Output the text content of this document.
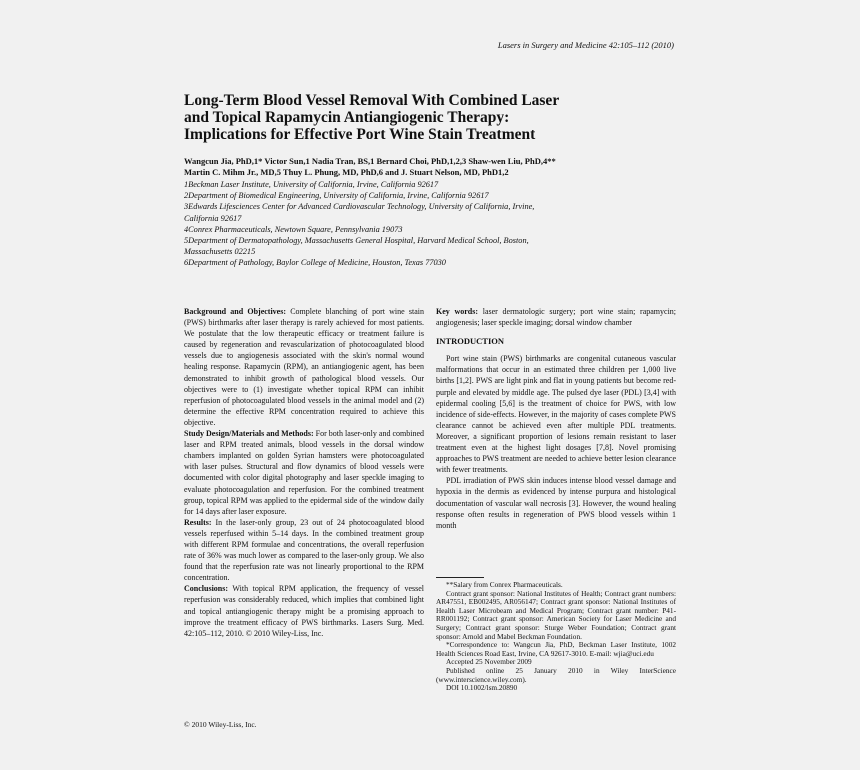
Lasers in Surgery and Medicine 42:105–112 (2010)
Long-Term Blood Vessel Removal With Combined Laser
and Topical Rapamycin Antiangiogenic Therapy:
Implications for Effective Port Wine Stain Treatment
Wangcun Jia, PhD,1* Victor Sun,1 Nadia Tran, BS,1 Bernard Choi, PhD,1,2,3 Shaw-wen Liu, PhD,4**
Martin C. Mihm Jr., MD,5 Thuy L. Phung, MD, PhD,6 and J. Stuart Nelson, MD, PhD1,2
1Beckman Laser Institute, University of California, Irvine, California 92617
2Department of Biomedical Engineering, University of California, Irvine, California 92617
3Edwards Lifesciences Center for Advanced Cardiovascular Technology, University of California, Irvine,
California 92617
4Conrex Pharmaceuticals, Newtown Square, Pennsylvania 19073
5Department of Dermatopathology, Massachusetts General Hospital, Harvard Medical School, Boston,
Massachusetts 02215
6Department of Pathology, Baylor College of Medicine, Houston, Texas 77030

Background and Objectives: Complete blanching of port wine stain (PWS) birthmarks after laser therapy is rarely achieved for most patients. We postulate that the low therapeutic efficacy or treatment failure is caused by regeneration and revascularization of photocoagulated blood vessels due to angiogenesis associated with the skin's normal wound healing response. Rapamycin (RPM), an antiangiogenic agent, has been demonstrated to inhibit growth of pathological blood vessels. Our objectives were to (1) investigate whether topical RPM can inhibit reperfusion of photocoagulated blood vessels in the animal model and (2) determine the effective RPM concentration required to achieve this objective.

Study Design/Materials and Methods: For both laser-only and combined laser and RPM treated animals, blood vessels in the dorsal window chambers implanted on golden Syrian hamsters were photocoagulated with laser pulses. Structural and flow dynamics of blood vessels were documented with color digital photography and laser speckle imaging to evaluate photocoagulation and reperfusion. For the combined treatment group, topical RPM was applied to the epidermal side of the window daily for 14 days after laser exposure.

Results: In the laser-only group, 23 out of 24 photocoagulated blood vessels reperfused within 5–14 days. In the combined treatment group with different RPM formulae and concentrations, the overall reperfusion rate of 36% was much lower as compared to the laser-only group. We also found that the reperfusion rate was not linearly proportional to the RPM concentration.

Conclusions: With topical RPM application, the frequency of vessel reperfusion was considerably reduced, which implies that combined light and topical antiangiogenic therapy might be a promising approach to improve the treatment efficacy of PWS birthmarks. Lasers Surg. Med. 42:105–112, 2010. © 2010 Wiley-Liss, Inc.

Key words: laser dermatologic surgery; port wine stain; rapamycin; angiogenesis; laser speckle imaging; dorsal window chamber

INTRODUCTION

Port wine stain (PWS) birthmarks are congenital cutaneous vascular malformations that occur in an estimated three children per 1,000 live births [1,2]. PWS are light pink and flat in young patients but become red-purple and elevated by middle age. The pulsed dye laser (PDL) [3,4] with epidermal cooling [5,6] is the treatment of choice for PWS, with low incidence of side-effects. However, in the majority of cases complete PWS clearance cannot be achieved even after multiple PDL treatments. Moreover, a significant proportion of lesions remain resistant to laser treatment even at the highest light dosages [7,8]. Novel promising approaches to PWS treatment are needed to achieve better lesion clearance with fewer treatments.

PDL irradiation of PWS skin induces intense blood vessel damage and hypoxia in the dermis as evidenced by intense purpura and histological documentation of vascular wall necrosis [3]. However, the wound healing response often results in regeneration of PWS blood vessels within 1 month

**Salary from Conrex Pharmaceuticals.

Contract grant sponsor: National Institutes of Health; Contract grant numbers: AR47551, EB002495, AR056147; Contract grant sponsor: National Institutes of Health Laser Microbeam and Medical Program; Contract grant number: P41-RR001192; Contract grant sponsor: American Society for Laser Medicine and Surgery; Contract grant sponsor: Sturge Weber Foundation; Contract grant sponsor: Arnold and Mabel Beckman Foundation.

*Correspondence to: Wangcun Jia, PhD, Beckman Laser Institute, 1002 Health Sciences Road East, Irvine, CA 92617-3010. E-mail: wjia@uci.edu

Accepted 25 November 2009

Published online 25 January 2010 in Wiley InterScience (www.interscience.wiley.com).

DOI 10.1002/lsm.20890

© 2010 Wiley-Liss, Inc.
